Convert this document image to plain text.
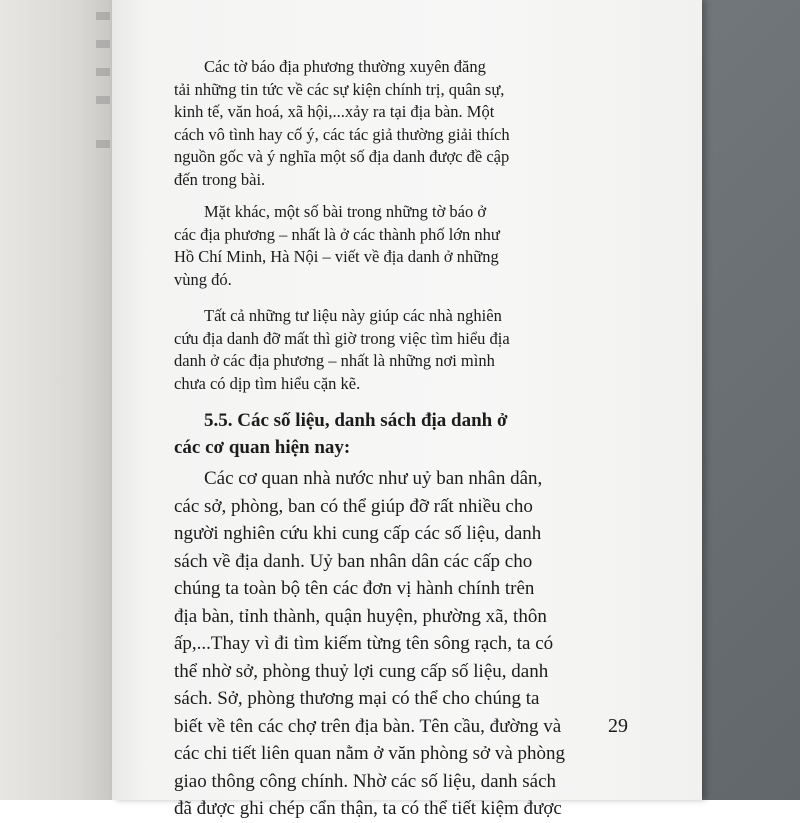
Các tờ báo địa phương thường xuyên đăng
tải những tin tức về các sự kiện chính trị, quân sự,
kinh tế, văn hoá, xã hội,...xảy ra tại địa bàn. Một
cách vô tình hay cố ý, các tác giả thường giải thích
nguồn gốc và ý nghĩa một số địa danh được đề cập
đến trong bài.
Mặt khác, một số bài trong những tờ báo ở
các địa phương – nhất là ở các thành phố lớn như
Hồ Chí Minh, Hà Nội – viết về địa danh ở những
vùng đó.
Tất cả những tư liệu này giúp các nhà nghiên
cứu địa danh đỡ mất thì giờ trong việc tìm hiểu địa
danh ở các địa phương – nhất là những nơi mình
chưa có dịp tìm hiểu cặn kẽ.
5.5. Các số liệu, danh sách địa danh ở
các cơ quan hiện nay:
Các cơ quan nhà nước như uỷ ban nhân dân,
các sở, phòng, ban có thể giúp đỡ rất nhiều cho
người nghiên cứu khi cung cấp các số liệu, danh
sách về địa danh. Uỷ ban nhân dân các cấp cho
chúng ta toàn bộ tên các đơn vị hành chính trên
địa bàn, tỉnh thành, quận huyện, phường xã, thôn
ấp,...Thay vì đi tìm kiếm từng tên sông rạch, ta có
thể nhờ sở, phòng thuỷ lợi cung cấp số liệu, danh
sách. Sở, phòng thương mại có thể cho chúng ta
biết về tên các chợ trên địa bàn. Tên cầu, đường và
các chi tiết liên quan nằm ở văn phòng sở và phòng
giao thông công chính. Nhờ các số liệu, danh sách
đã được ghi chép cẩn thận, ta có thể tiết kiệm được
29
